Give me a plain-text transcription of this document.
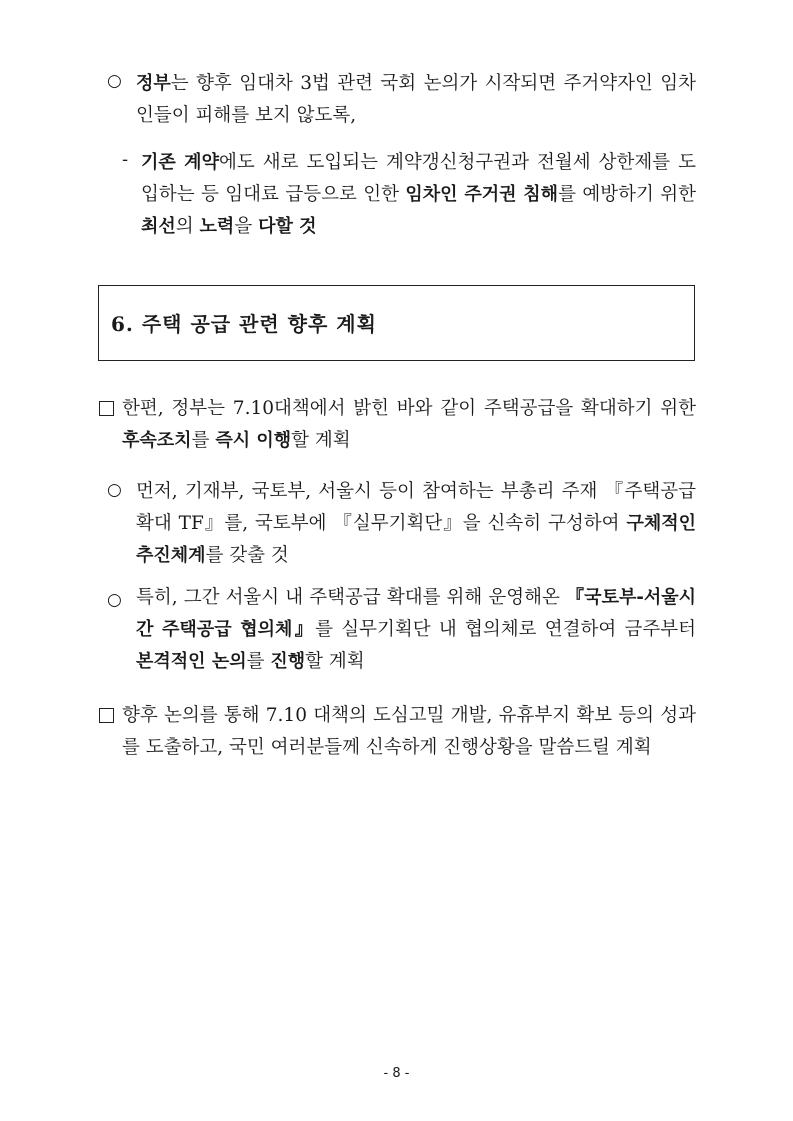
○ 정부는 향후 임대차 3법 관련 국회 논의가 시작되면 주거약자인 임차인들이 피해를 보지 않도록,
- 기존 계약에도 새로 도입되는 계약갱신청구권과 전월세 상한제를 도입하는 등 임대료 급등으로 인한 임차인 주거권 침해를 예방하기 위한 최선의 노력을 다할 것
6. 주택 공급 관련 향후 계획
한편, 정부는 7.10대책에서 밝힌 바와 같이 주택공급을 확대하기 위한 후속조치를 즉시 이행할 계획
○ 먼저, 기재부, 국토부, 서울시 등이 참여하는 부총리 주재 『주택공급확대 TF』를, 국토부에 『실무기획단』을 신속히 구성하여 구체적인 추진체계를 갖출 것
○ 특히, 그간 서울시 내 주택공급 확대를 위해 운영해온 『국토부-서울시 간 주택공급 협의체』를 실무기획단 내 협의체로 연결하여 금주부터 본격적인 논의를 진행할 계획
향후 논의를 통해 7.10 대책의 도심고밀 개발, 유휴부지 확보 등의 성과를 도출하고, 국민 여러분들께 신속하게 진행상황을 말씀드릴 계획
- 8 -
